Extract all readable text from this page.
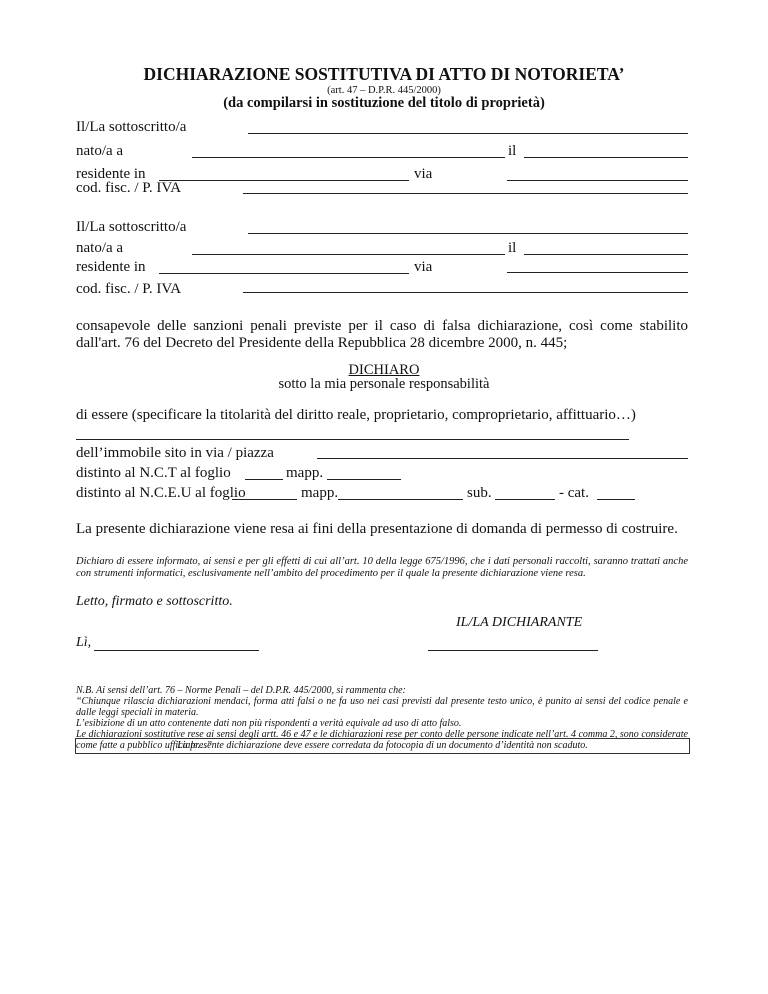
DICHIARAZIONE SOSTITUTIVA DI ATTO DI NOTORIETA’
(art. 47 – D.P.R. 445/2000)
(da compilarsi in sostituzione del titolo di proprietà)
Il/La sottoscritto/a
nato/a a	il
residente in	via
cod. fisc. / P. IVA
Il/La sottoscritto/a
nato/a a	il
residente in	via
cod. fisc. / P. IVA
consapevole delle sanzioni penali previste per il caso di falsa dichiarazione, così come stabilito dall'art. 76 del Decreto del Presidente della Repubblica 28 dicembre 2000, n. 445;
DICHIARO
sotto la mia personale responsabilità
di essere (specificare la titolarità del diritto reale, proprietario, comproprietario, affittuario…)
dell’immobile sito in via / piazza
distinto al N.C.T al foglio	mapp.
distinto al N.C.E.U al foglio	mapp.	sub.	- cat.
La presente dichiarazione viene resa ai fini della presentazione di domanda di permesso di costruire.
Dichiaro di essere informato, ai sensi e per gli effetti di cui all’art. 10 della legge 675/1996, che i dati personali raccolti, saranno trattati anche con strumenti informatici, esclusivamente nell’ambito del procedimento per il quale la presente dichiarazione viene resa.
Letto, firmato e sottoscritto.
IL/LA DICHIARANTE
Lì,
N.B. Ai sensi dell’art. 76 – Norme Penali – del D.P.R. 445/2000, si rammenta che:
“Chiunque rilascia dichiarazioni mendaci, forma atti falsi o ne fa uso nei casi previsti dal presente testo unico, è punito ai sensi del codice penale e dalle leggi speciali in materia.
L’esibizione di un atto contenente dati non più rispondenti a verità equivale ad uso di atto falso.
Le dichiarazioni sostitutive rese ai sensi degli artt. 46 e 47 e le dichiarazioni rese per conto delle persone indicate nell’art. 4 comma 2, sono considerate come fatte a pubblico ufficiale…”
La presente dichiarazione deve essere corredata da fotocopia di un documento d’identità non scaduto.
